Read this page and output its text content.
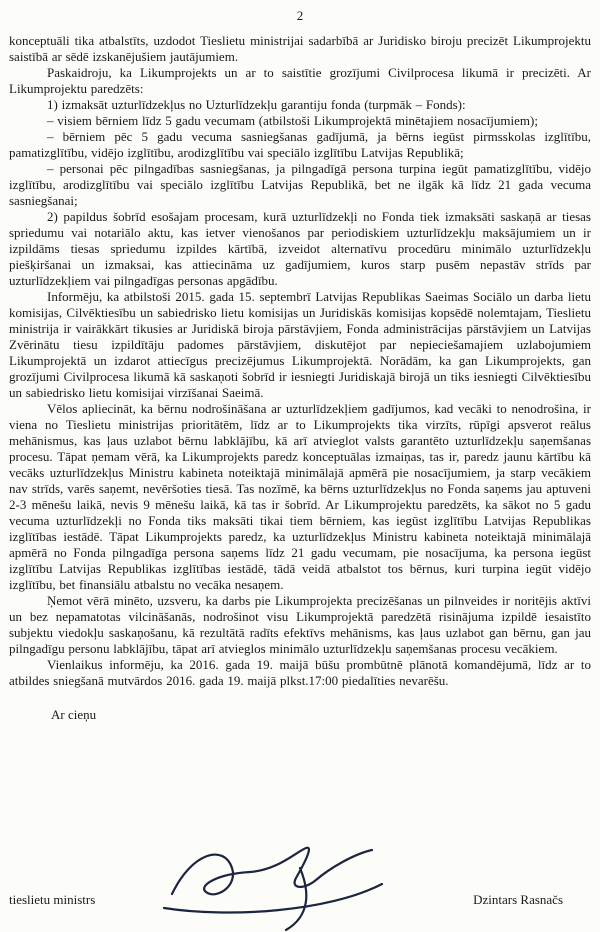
2

konceptuāli tika atbalstīts, uzdodot Tieslietu ministrijai sadarbībā ar Juridisko biroju precizēt Likumprojektu saistībā ar sēdē izskanējušiem jautājumiem.

Paskaidroju, ka Likumprojekts un ar to saistītie grozījumi Civilprocesa likumā ir precizēti. Ar Likumprojektu paredzēts:

1) izmaksāt uzturlīdzekļus no Uzturlīdzekļu garantiju fonda (turpmāk – Fonds):

– visiem bērniem līdz 5 gadu vecumam (atbilstoši Likumprojektā minētajiem nosacījumiem);

– bērniem pēc 5 gadu vecuma sasniegšanas gadījumā, ja bērns iegūst pirmsskolas izglītību, pamatizglītību, vidējo izglītību, arodizglītību vai speciālo izglītību Latvijas Republikā;

– personai pēc pilngadības sasniegšanas, ja pilngadīgā persona turpina iegūt pamatizglītību, vidējo izglītību, arodizglītību vai speciālo izglītību Latvijas Republikā, bet ne ilgāk kā līdz 21 gada vecuma sasniegšanai;

2) papildus šobrīd esošajam procesam, kurā uzturlīdzekļi no Fonda tiek izmaksāti saskaņā ar tiesas spriedumu vai notariālo aktu, kas ietver vienošanos par periodiskiem uzturlīdzekļu maksājumiem un ir izpildāms tiesas spriedumu izpildes kārtībā, izveidot alternatīvu procedūru minimālo uzturlīdzekļu piešķiršanai un izmaksai, kas attiecināma uz gadījumiem, kuros starp pusēm nepastāv strīds par uzturlīdzekļiem vai pilngadīgas personas apgādību.

Informēju, ka atbilstoši 2015. gada 15. septembrī Latvijas Republikas Saeimas Sociālo un darba lietu komisijas, Cilvēktiesību un sabiedrisko lietu komisijas un Juridiskās komisijas kopsēdē nolemtajam, Tieslietu ministrija ir vairākkārt tikusies ar Juridiskā biroja pārstāvjiem, Fonda administrācijas pārstāvjiem un Latvijas Zvērinātu tiesu izpildītāju padomes pārstāvjiem, diskutējot par nepieciešamajiem uzlabojumiem Likumprojektā un izdarot attiecīgus precizējumus Likumprojektā. Norādām, ka gan Likumprojekts, gan grozījumi Civilprocesa likumā kā saskaņoti šobrīd ir iesniegti Juridiskajā birojā un tiks iesniegti Cilvēktiesību un sabiedrisko lietu komisijai virzīšanai Saeimā.

Vēlos apliecināt, ka bērnu nodrošināšana ar uzturlīdzekļiem gadījumos, kad vecāki to nenodrošina, ir viena no Tieslietu ministrijas prioritātēm, līdz ar to Likumprojekts tika virzīts, rūpīgi apsverot reālus mehānismus, kas ļaus uzlabot bērnu labklājību, kā arī atvieglot valsts garantēto uzturlīdzekļu saņemšanas procesu. Tāpat ņemam vērā, ka Likumprojekts paredz konceptuālas izmaiņas, tas ir, paredz jaunu kārtību kā vecāks uzturlīdzekļus Ministru kabineta noteiktajā minimālajā apmērā pie nosacījumiem, ja starp vecākiem nav strīds, varēs saņemt, nevēršoties tiesā. Tas nozīmē, ka bērns uzturlīdzekļus no Fonda saņems jau aptuveni 2-3 mēnešu laikā, nevis 9 mēnešu laikā, kā tas ir šobrīd. Ar Likumprojektu paredzēts, ka sākot no 5 gadu vecuma uzturlīdzekļi no Fonda tiks maksāti tikai tiem bērniem, kas iegūst izglītību Latvijas Republikas izglītības iestādē. Tāpat Likumprojekts paredz, ka uzturlīdzekļus Ministru kabineta noteiktajā minimālajā apmērā no Fonda pilngadīga persona saņems līdz 21 gadu vecumam, pie nosacījuma, ka persona iegūst izglītību Latvijas Republikas izglītības iestādē, tādā veidā atbalstot tos bērnus, kuri turpina iegūt vidējo izglītību, bet finansiālu atbalstu no vecāka nesaņem.

Ņemot vērā minēto, uzsveru, ka darbs pie Likumprojekta precizēšanas un pilnveides ir noritējis aktīvi un bez nepamatotas vilcināšanās, nodrošinot visu Likumprojektā paredzētā risinājuma izpildē iesaistīto subjektu viedokļu saskaņošanu, kā rezultātā radīts efektīvs mehānisms, kas ļaus uzlabot gan bērnu, gan jau pilngadīgu personu labklājību, tāpat arī atvieglos minimālo uzturlīdzekļu saņemšanas procesu vecākiem.

Vienlaikus informēju, ka 2016. gada 19. maijā būšu prombūtnē plānotā komandējumā, līdz ar to atbildes sniegšanā mutvārdos 2016. gada 19. maijā plkst.17:00 piedalīties nevarēšu.

Ar cieņu
tieslietu ministrs	Dzintars Rasnačs
